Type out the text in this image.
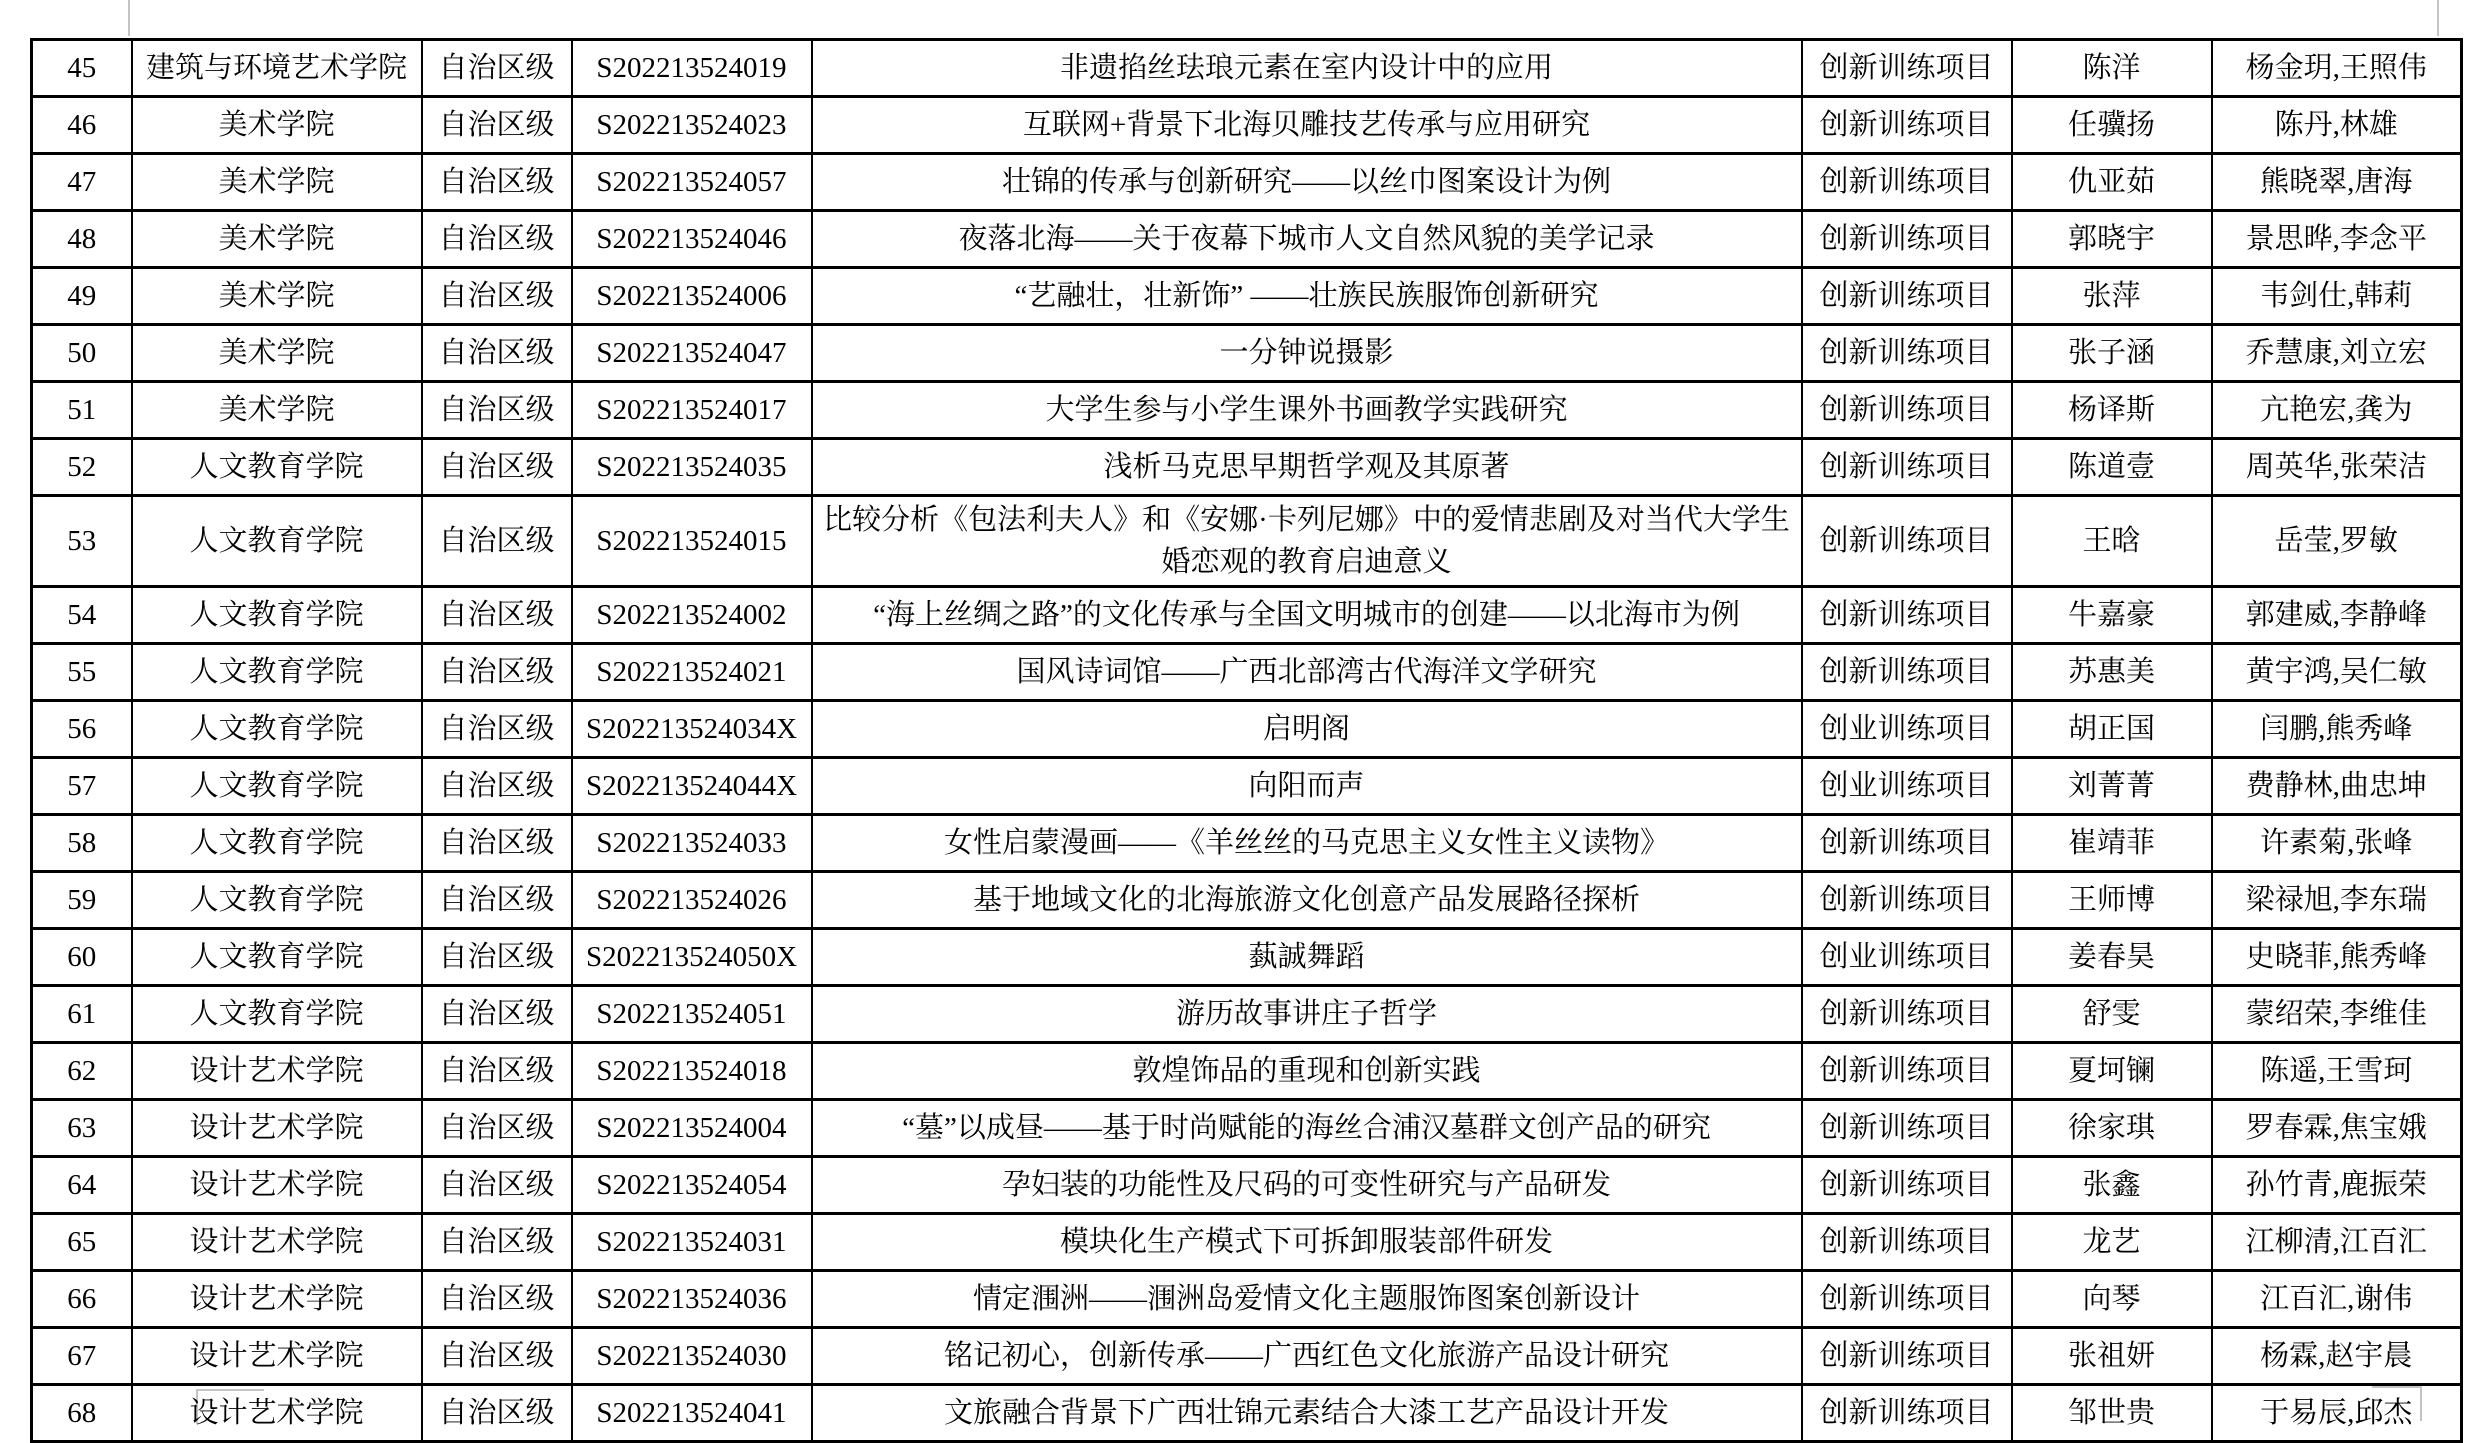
45	建筑与环境艺术学院	自治区级	S202213524019	非遗掐丝珐琅元素在室内设计中的应用	创新训练项目	陈洋	杨金玥,王照伟
46	美术学院	自治区级	S202213524023	互联网+背景下北海贝雕技艺传承与应用研究	创新训练项目	任骥扬	陈丹,林雄
47	美术学院	自治区级	S202213524057	壮锦的传承与创新研究——以丝巾图案设计为例	创新训练项目	仇亚茹	熊晓翠,唐海
48	美术学院	自治区级	S202213524046	夜落北海——关于夜幕下城市人文自然风貌的美学记录	创新训练项目	郭晓宇	景思晔,李念平
49	美术学院	自治区级	S202213524006	“艺融壮，壮新饰” ——壮族民族服饰创新研究	创新训练项目	张萍	韦剑仕,韩莉
50	美术学院	自治区级	S202213524047	一分钟说摄影	创新训练项目	张子涵	乔慧康,刘立宏
51	美术学院	自治区级	S202213524017	大学生参与小学生课外书画教学实践研究	创新训练项目	杨译斯	亢艳宏,龚为
52	人文教育学院	自治区级	S202213524035	浅析马克思早期哲学观及其原著	创新训练项目	陈道壹	周英华,张荣洁
53	人文教育学院	自治区级	S202213524015	比较分析《包法利夫人》和《安娜·卡列尼娜》中的爱情悲剧及对当代大学生婚恋观的教育启迪意义	创新训练项目	王晗	岳莹,罗敏
54	人文教育学院	自治区级	S202213524002	“海上丝绸之路”的文化传承与全国文明城市的创建——以北海市为例	创新训练项目	牛嘉豪	郭建威,李静峰
55	人文教育学院	自治区级	S202213524021	国风诗词馆——广西北部湾古代海洋文学研究	创新训练项目	苏惠美	黄宇鸿,吴仁敏
56	人文教育学院	自治区级	S202213524034X	启明阁	创业训练项目	胡正国	闫鹏,熊秀峰
57	人文教育学院	自治区级	S202213524044X	向阳而声	创业训练项目	刘菁菁	费静林,曲忠坤
58	人文教育学院	自治区级	S202213524033	女性启蒙漫画——《羊丝丝的马克思主义女性主义读物》	创新训练项目	崔靖菲	许素菊,张峰
59	人文教育学院	自治区级	S202213524026	基于地域文化的北海旅游文化创意产品发展路径探析	创新训练项目	王师博	梁禄旭,李东瑞
60	人文教育学院	自治区级	S202213524050X	蓺誠舞蹈	创业训练项目	姜春昊	史晓菲,熊秀峰
61	人文教育学院	自治区级	S202213524051	游历故事讲庄子哲学	创新训练项目	舒雯	蒙绍荣,李维佳
62	设计艺术学院	自治区级	S202213524018	敦煌饰品的重现和创新实践	创新训练项目	夏坷镧	陈遥,王雪珂
63	设计艺术学院	自治区级	S202213524004	“墓”以成昼——基于时尚赋能的海丝合浦汉墓群文创产品的研究	创新训练项目	徐家琪	罗春霖,焦宝娥
64	设计艺术学院	自治区级	S202213524054	孕妇装的功能性及尺码的可变性研究与产品研发	创新训练项目	张鑫	孙竹青,鹿振荣
65	设计艺术学院	自治区级	S202213524031	模块化生产模式下可拆卸服装部件研发	创新训练项目	龙艺	江柳清,江百汇
66	设计艺术学院	自治区级	S202213524036	情定涠洲——涠洲岛爱情文化主题服饰图案创新设计	创新训练项目	向琴	江百汇,谢伟
67	设计艺术学院	自治区级	S202213524030	铭记初心，创新传承——广西红色文化旅游产品设计研究	创新训练项目	张祖妍	杨霖,赵宇晨
68	设计艺术学院	自治区级	S202213524041	文旅融合背景下广西壮锦元素结合大漆工艺产品设计开发	创新训练项目	邹世贵	于易辰,邱杰
